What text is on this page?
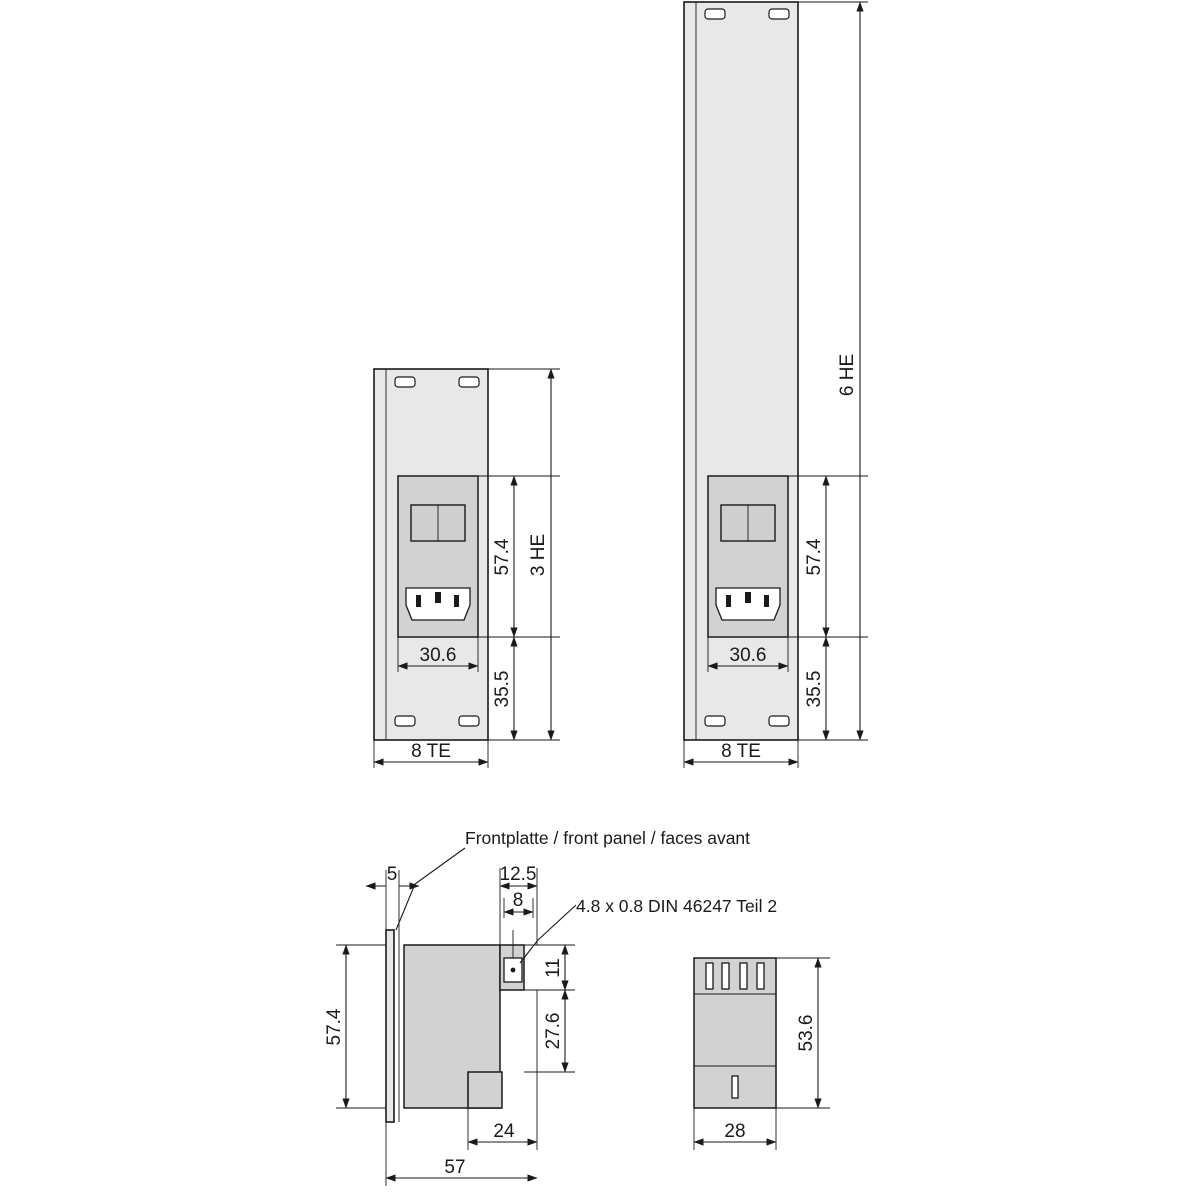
57.4
35.5
3 HE
30.6
8 TE
57.4
35.5
6 HE
30.6
8 TE
5	12.5
8
Frontplatte / front panel / faces avant
4.8 x 0.8 DIN 46247 Teil 2
11
27.6
57.4
24
57
53.6
28
